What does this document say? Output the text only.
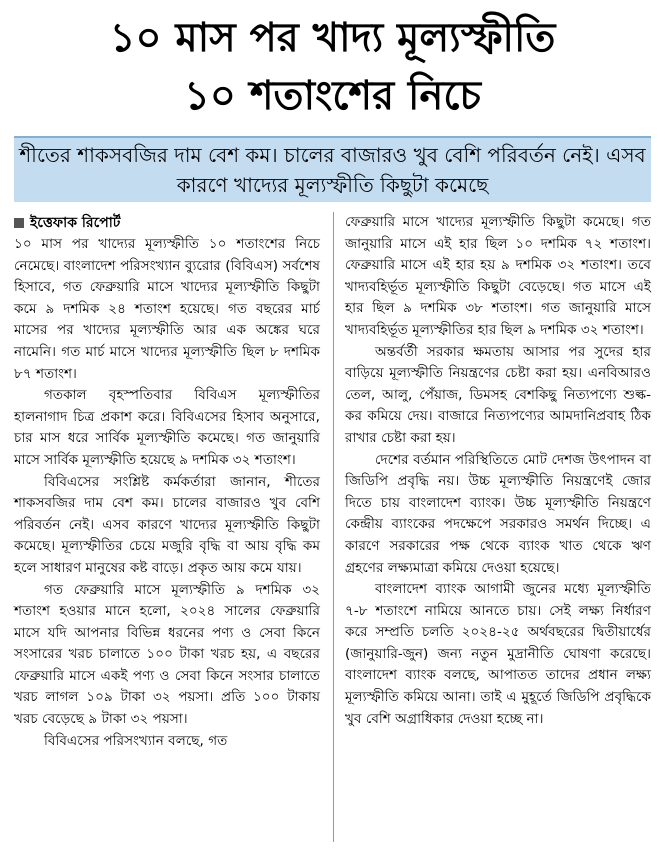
১০ মাস পর খাদ্য মূল্যস্ফীতি
১০ শতাংশের নিচে
শীতের শাকসবজির দাম বেশ কম। চালের বাজারও খুব বেশি পরিবর্তন নেই। এসব কারণে খাদ্যের মূল্যস্ফীতি কিছুটা কমেছে

ইত্তেফাক রিপোর্ট

১০ মাস পর খাদ্যের মূল্যস্ফীতি ১০ শতাংশের নিচে নেমেছে। বাংলাদেশ পরিসংখ্যান ব্যুরোর (বিবিএস) সর্বশেষ হিসাবে, গত ফেব্রুয়ারি মাসে খাদ্যের মূল্যস্ফীতি কিছুটা কমে ৯ দশমিক ২৪ শতাংশ হয়েছে। গত বছরের মার্চ মাসের পর খাদ্যের মূল্যস্ফীতি আর এক অঙ্কের ঘরে নামেনি। গত মার্চ মাসে খাদ্যের মূল্যস্ফীতি ছিল ৮ দশমিক ৮৭ শতাংশ।

গতকাল বৃহস্পতিবার বিবিএস মূল্যস্ফীতির হালনাগাদ চিত্র প্রকাশ করে। বিবিএসের হিসাব অনুসারে, চার মাস ধরে সার্বিক মূল্যস্ফীতি কমেছে। গত জানুয়ারি মাসে সার্বিক মূল্যস্ফীতি হয়েছে ৯ দশমিক ৩২ শতাংশ।

বিবিএসের সংশ্লিষ্ট কর্মকর্তারা জানান, শীতের শাকসবজির দাম বেশ কম। চালের বাজারও খুব বেশি পরিবর্তন নেই। এসব কারণে খাদ্যের মূল্যস্ফীতি কিছুটা কমেছে। মূল্যস্ফীতির চেয়ে মজুরি বৃদ্ধি বা আয় বৃদ্ধি কম হলে সাধারণ মানুষের কষ্ট বাড়ে। প্রকৃত আয় কমে যায়।

গত ফেব্রুয়ারি মাসে মূল্যস্ফীতি ৯ দশমিক ৩২ শতাংশ হওয়ার মানে হলো, ২০২৪ সালের ফেব্রুয়ারি মাসে যদি আপনার বিভিন্ন ধরনের পণ্য ও সেবা কিনে সংসারের খরচ চালাতে ১০০ টাকা খরচ হয়, এ বছরের ফেব্রুয়ারি মাসে একই পণ্য ও সেবা কিনে সংসার চালাতে খরচ লাগল ১০৯ টাকা ৩২ পয়সা। প্রতি ১০০ টাকায় খরচ বেড়েছে ৯ টাকা ৩২ পয়সা।

বিবিএসের পরিসংখ্যান বলছে, গত

ফেব্রুয়ারি মাসে খাদ্যের মূল্যস্ফীতি কিছুটা কমেছে। গত জানুয়ারি মাসে এই হার ছিল ১০ দশমিক ৭২ শতাংশ। ফেব্রুয়ারি মাসে এই হার হয় ৯ দশমিক ৩২ শতাংশ। তবে খাদ্যবহির্ভূত মূল্যস্ফীতি কিছুটা বেড়েছে। গত মাসে এই হার ছিল ৯ দশমিক ৩৮ শতাংশ। গত জানুয়ারি মাসে খাদ্যবহির্ভূত মূল্যস্ফীতির হার ছিল ৯ দশমিক ৩২ শতাংশ।

অন্তর্বর্তী সরকার ক্ষমতায় আসার পর সুদের হার বাড়িয়ে মূল্যস্ফীতি নিয়ন্ত্রণের চেষ্টা করা হয়। এনবিআরও তেল, আলু, পেঁয়াজ, ডিমসহ বেশকিছু নিত্যপণ্যে শুল্ক-কর কমিয়ে দেয়। বাজারে নিত্যপণ্যের আমদানিপ্রবাহ ঠিক রাখার চেষ্টা করা হয়।

দেশের বর্তমান পরিস্থিতিতে মোট দেশজ উৎপাদন বা জিডিপি প্রবৃদ্ধি নয়। উচ্চ মূল্যস্ফীতি নিয়ন্ত্রণেই জোর দিতে চায় বাংলাদেশ ব্যাংক। উচ্চ মূল্যস্ফীতি নিয়ন্ত্রণে কেন্দ্রীয় ব্যাংকের পদক্ষেপে সরকারও সমর্থন দিচ্ছে। এ কারণে সরকারের পক্ষ থেকে ব্যাংক খাত থেকে ঋণ গ্রহণের লক্ষ্যমাত্রা কমিয়ে দেওয়া হয়েছে।

বাংলাদেশ ব্যাংক আগামী জুনের মধ্যে মূল্যস্ফীতি ৭-৮ শতাংশে নামিয়ে আনতে চায়। সেই লক্ষ্য নির্ধারণ করে সম্প্রতি চলতি ২০২৪-২৫ অর্থবছরের দ্বিতীয়ার্ধের (জানুয়ারি-জুন) জন্য নতুন মুদ্রানীতি ঘোষণা করেছে। বাংলাদেশ ব্যাংক বলছে, আপাতত তাদের প্রধান লক্ষ্য মূল্যস্ফীতি কমিয়ে আনা। তাই এ মুহূর্তে জিডিপি প্রবৃদ্ধিকে খুব বেশি অগ্রাধিকার দেওয়া হচ্ছে না।
